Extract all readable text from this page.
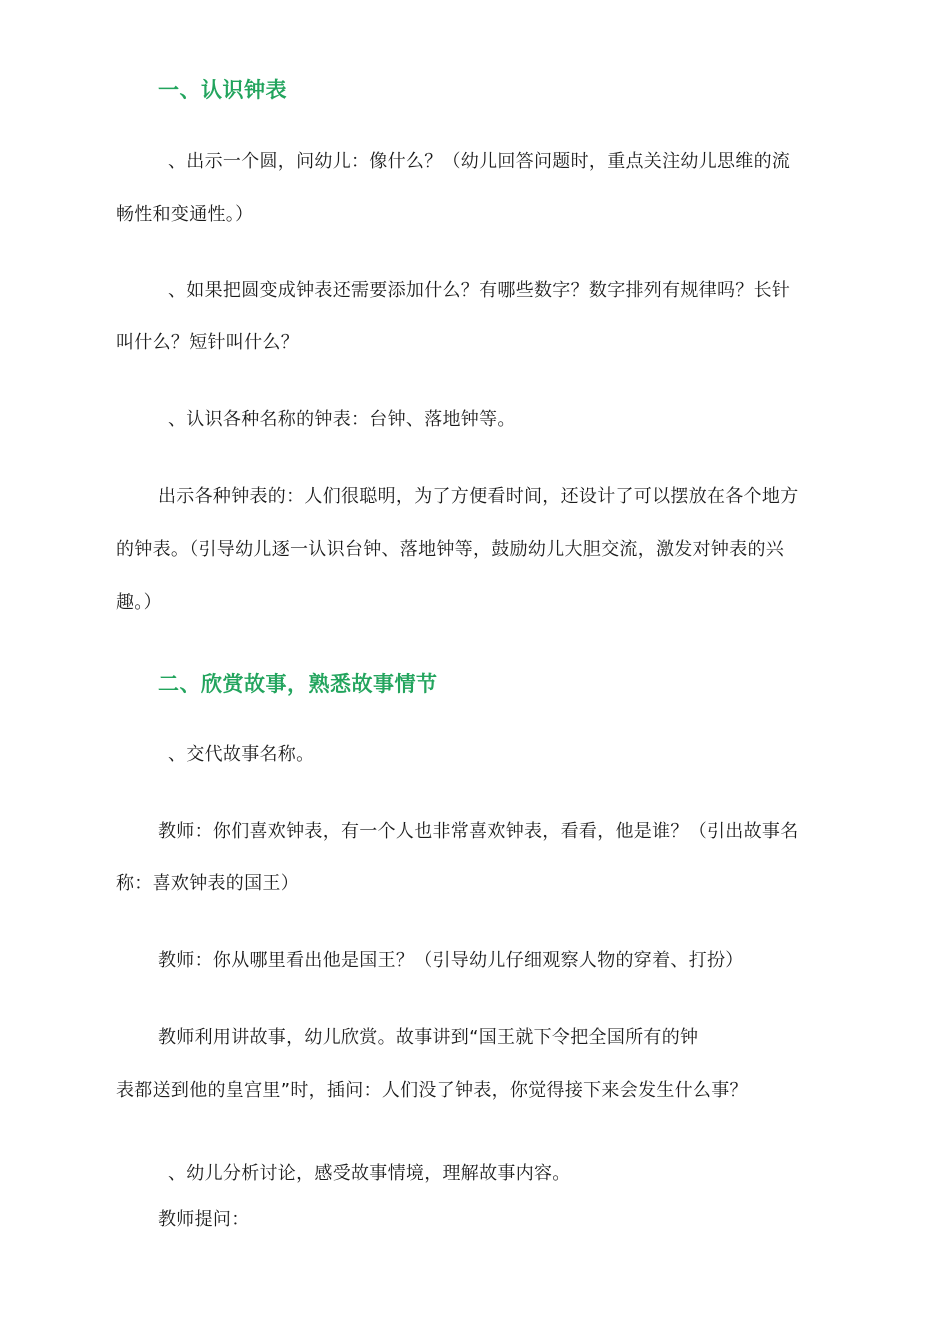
一、认识钟表
、出示一个圆，问幼儿：像什么？（幼儿回答问题时，重点关注幼儿思维的流
畅性和变通性。）
、如果把圆变成钟表还需要添加什么？有哪些数字？数字排列有规律吗？长针
叫什么？短针叫什么？
、认识各种名称的钟表：台钟、落地钟等。
出示各种钟表的：人们很聪明，为了方便看时间，还设计了可以摆放在各个地方
的钟表。（引导幼儿逐一认识台钟、落地钟等，鼓励幼儿大胆交流，激发对钟表的兴
趣。）
二、欣赏故事，熟悉故事情节
、交代故事名称。
教师：你们喜欢钟表，有一个人也非常喜欢钟表，看看，他是谁？（引出故事名
称：喜欢钟表的国王）
教师：你从哪里看出他是国王？（引导幼儿仔细观察人物的穿着、打扮）
教师利用讲故事，幼儿欣赏。故事讲到“国王就下令把全国所有的钟
表都送到他的皇宫里”时，插问：人们没了钟表，你觉得接下来会发生什么事？
、幼儿分析讨论，感受故事情境，理解故事内容。
教师提问：
